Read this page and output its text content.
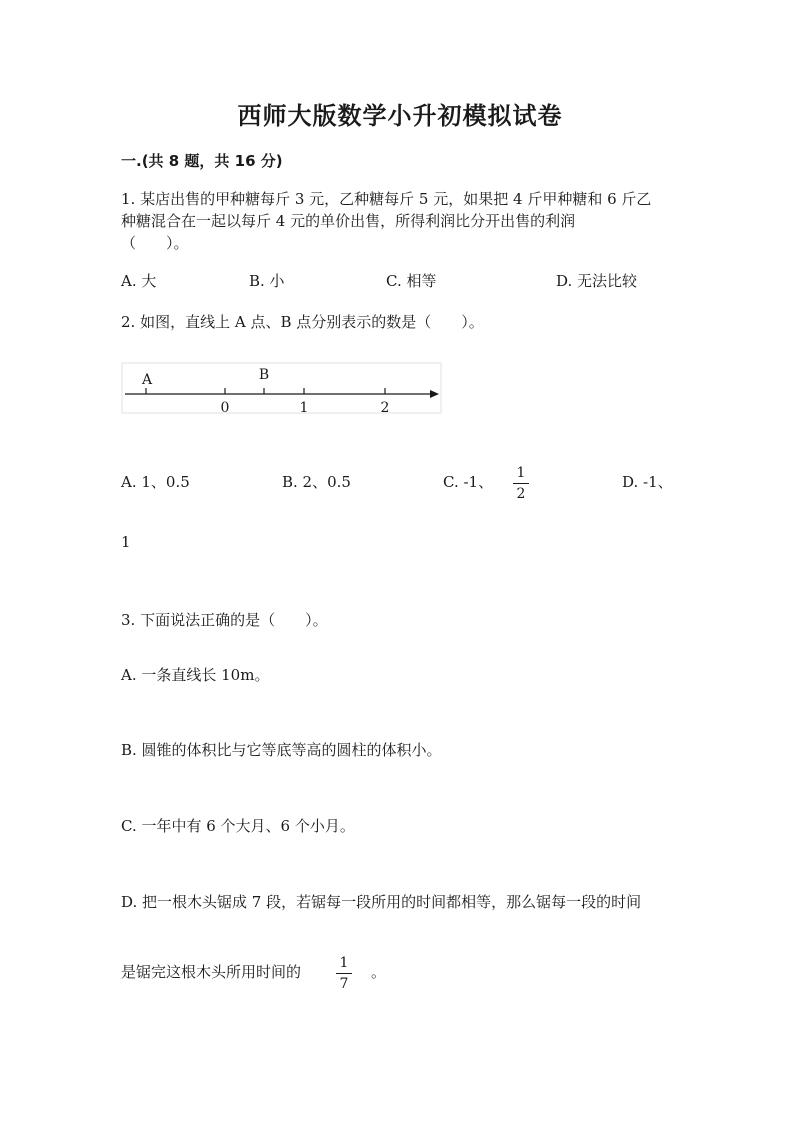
西师大版数学小升初模拟试卷
一.(共 8 题，共 16 分)
1. 某店出售的甲种糖每斤 3 元，乙种糖每斤 5 元，如果把 4 斤甲种糖和 6 斤乙
种糖混合在一起以每斤 4 元的单价出售，所得利润比分开出售的利润
（　　）。
A. 大	B. 小	C. 相等	D. 无法比较
2. 如图，直线上 A 点、B 点分别表示的数是（　　）。
A	B
0	1	2
A. 1、0.5	B. 2、0.5	C. -1、 1
2
D. -1、
1
3. 下面说法正确的是（　　）。
A. 一条直线长 10m。
B. 圆锥的体积比与它等底等高的圆柱的体积小。
C. 一年中有 6 个大月、6 个小月。
D. 把一根木头锯成 7 段，若锯每一段所用的时间都相等，那么锯每一段的时间
是锯完这根木头所用时间的	1
7
。
